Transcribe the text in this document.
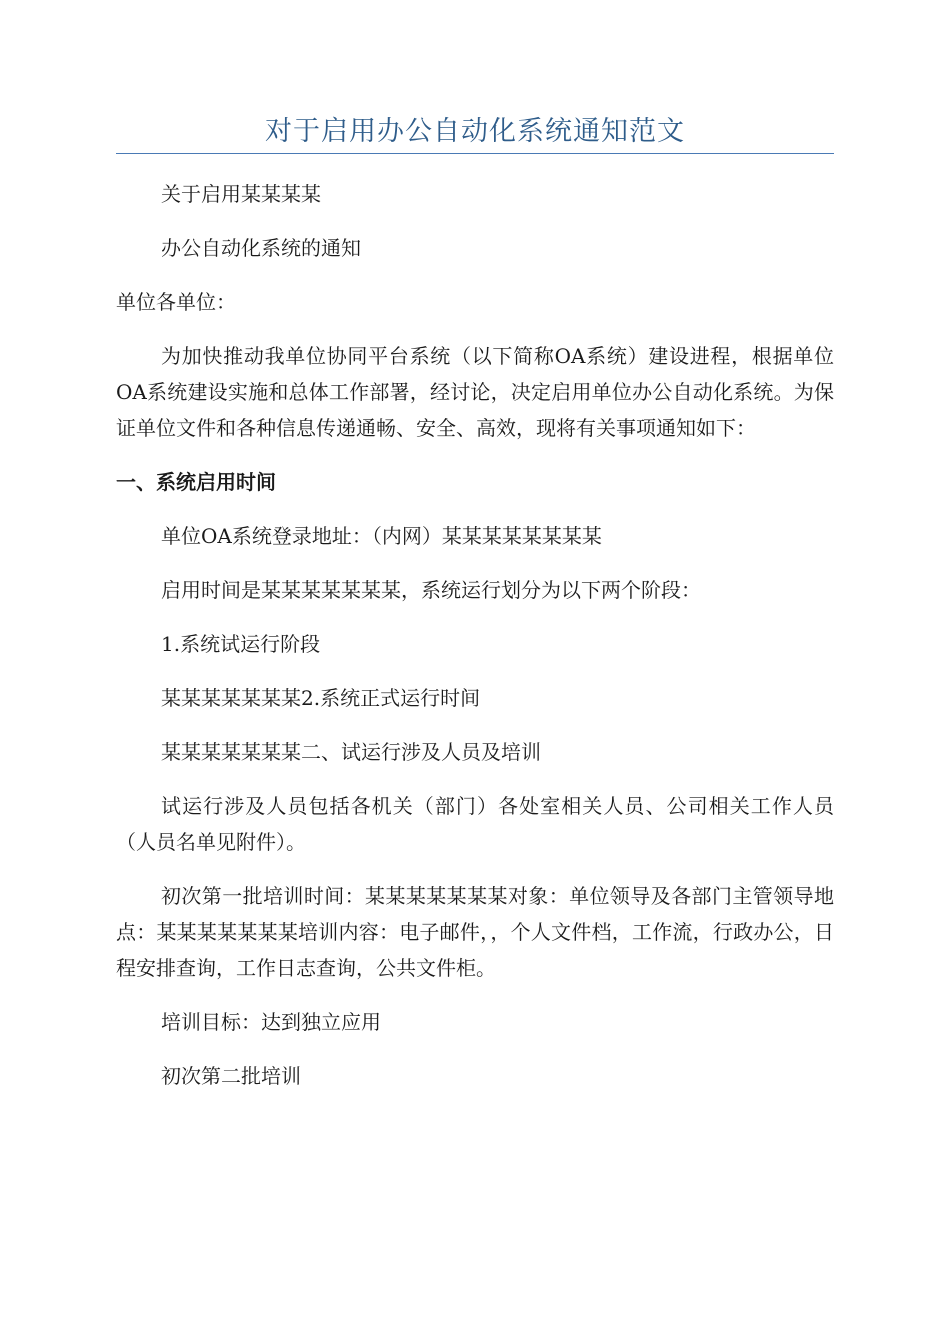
对于启用办公自动化系统通知范文

关于启用某某某某

办公自动化系统的通知

单位各单位：

为加快推动我单位协同平台系统（以下简称OA系统）建设进程，根据单位OA系统建设实施和总体工作部署，经讨论，决定启用单位办公自动化系统。为保证单位文件和各种信息传递通畅、安全、高效，现将有关事项通知如下：

一、系统启用时间

单位OA系统登录地址：（内网）某某某某某某某某

启用时间是某某某某某某某，系统运行划分为以下两个阶段：

1.系统试运行阶段

某某某某某某某2.系统正式运行时间

某某某某某某某二、试运行涉及人员及培训

试运行涉及人员包括各机关（部门）各处室相关人员、公司相关工作人员（人员名单见附件）。

初次第一批培训时间：某某某某某某某对象：单位领导及各部门主管领导地点：某某某某某某某培训内容：电子邮件，，个人文件档，工作流，行政办公，日程安排查询，工作日志查询，公共文件柜。

培训目标：达到独立应用

初次第二批培训
